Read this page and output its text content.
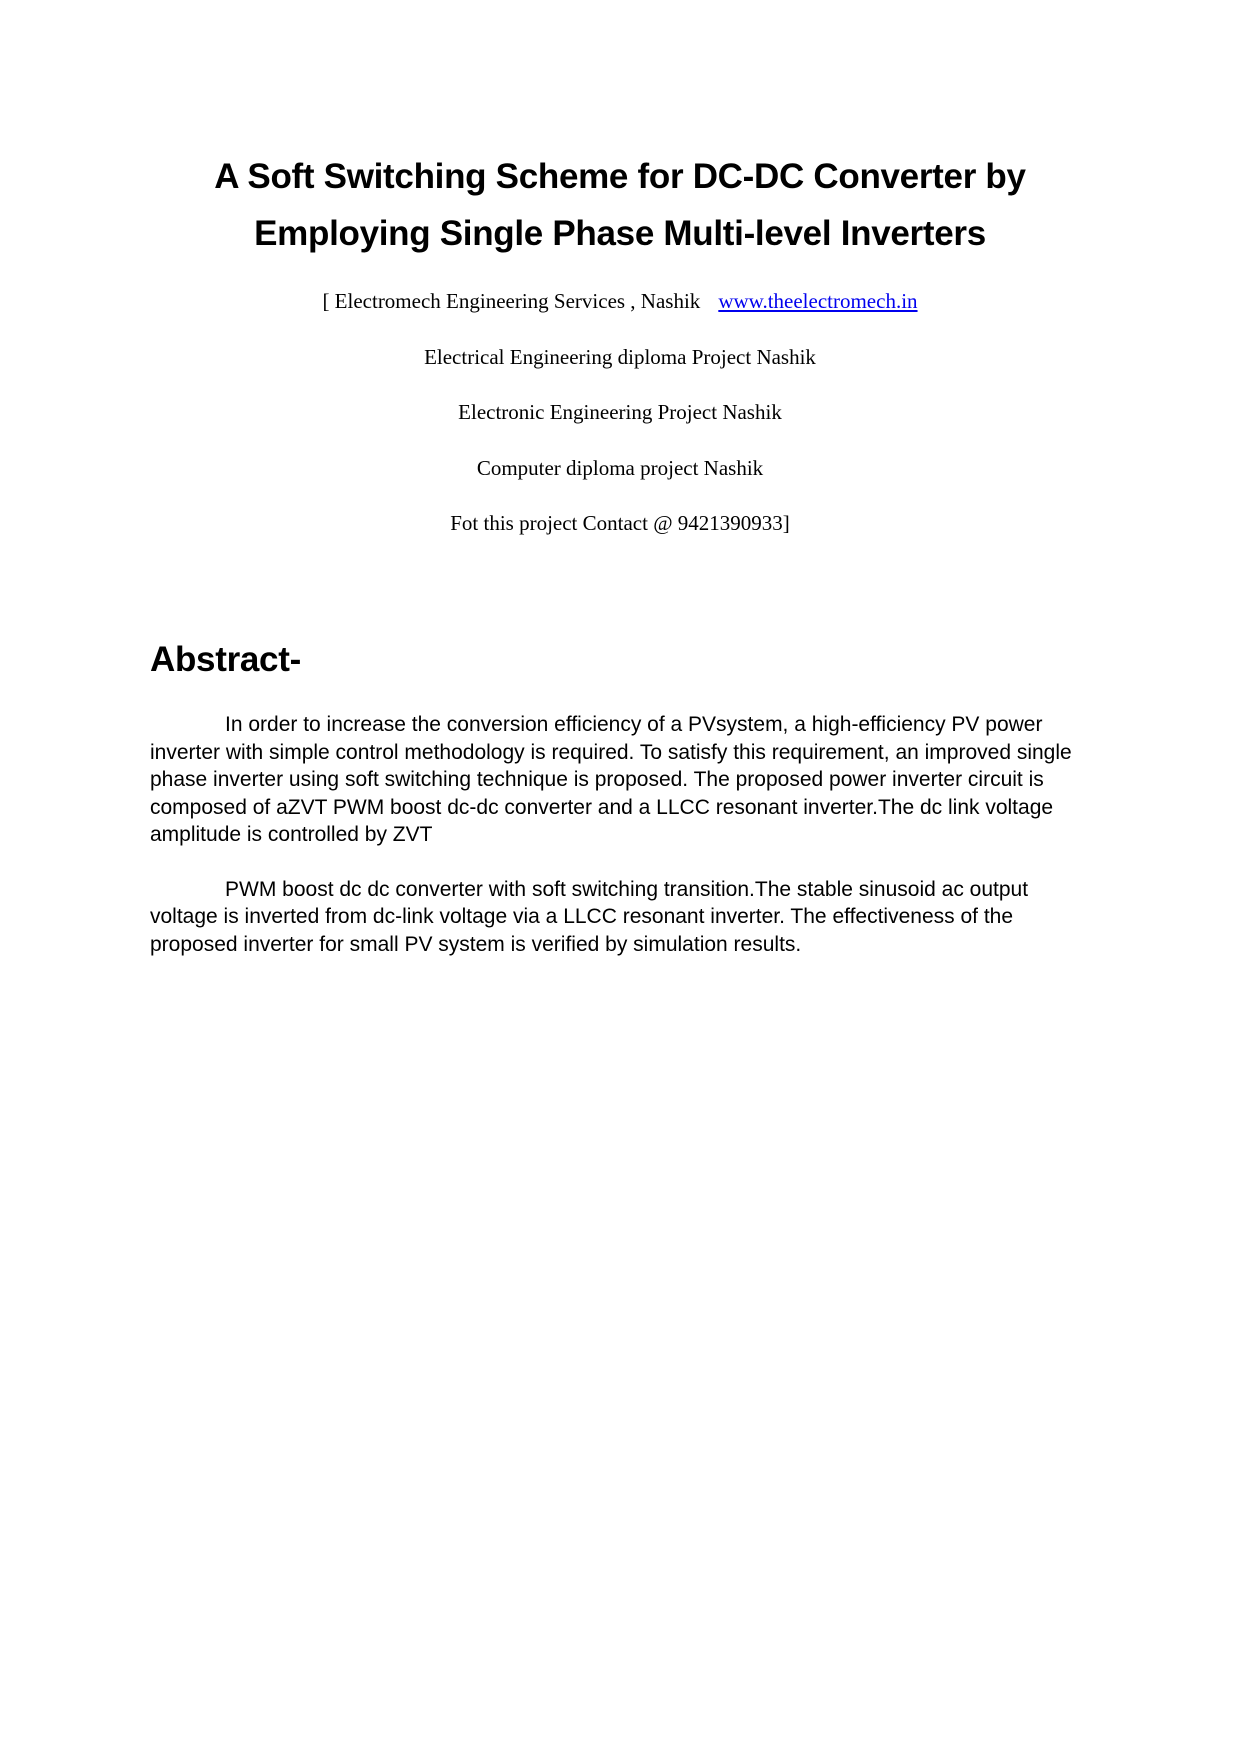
A Soft Switching Scheme for DC-DC Converter by
Employing Single Phase Multi-level Inverters
[ Electromech Engineering Services , Nashik www.theelectromech.in
Electrical Engineering diploma Project Nashik
Electronic Engineering Project Nashik
Computer diploma project Nashik
Fot this project Contact @ 9421390933]
Abstract-

In order to increase the conversion efficiency of a PVsystem, a high-efficiency PV power inverter with simple control methodology is required. To satisfy this requirement, an improved single phase inverter using soft switching technique is proposed. The proposed power inverter circuit is composed of aZVT PWM boost dc-dc converter and a LLCC resonant inverter.The dc link voltage amplitude is controlled by ZVT

PWM boost dc dc converter with soft switching transition.The stable sinusoid ac output voltage is inverted from dc-link voltage via a LLCC resonant inverter. The effectiveness of the proposed inverter for small PV system is verified by simulation results.
